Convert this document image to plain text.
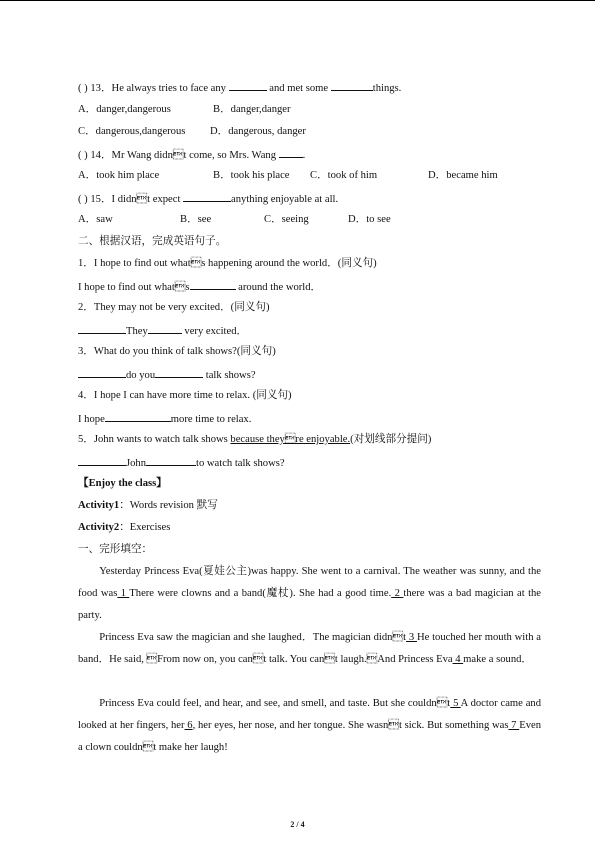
( ) 13．He always tries to face any	and met some	things.
A．danger,dangerous	B．danger,danger
C．dangerous,dangerous D．dangerous, danger
( ) 14．Mr Wang didnt come, so Mrs. Wang .
A．took him place	B．took his place C．took of him	D．became him
( ) 15．I didnt expect	anything enjoyable at all.
A．saw	B．see	C．seeing	D．to see
二、根据汉语，完成英语句子。
1．I hope to find out whats happening around the world．(同义句)
I hope to find out whats	around the world．
2．They may not be very excited．(同义句)
They	very excited．
3．What do you think of talk shows?(同义句)
do you	talk shows?
4．I hope I can have more time to relax. (同义句)
I hope	more time to relax.
5．John wants to watch talk shows because theyre enjoyable.(对划线部分提问)
John	to watch talk shows?
【Enjoy the class】
Activity1：Words revision 默写
Activity2：Exercises
一、完形填空：
Yesterday Princess Eva(夏娃公主)was happy. She went to a carnival. The weather was sunny, and the food was 1 There were clowns and a band(魔杖). She had a good time. 2 there was a bad magician at the party.
Princess Eva saw the magician and she laughed．The magician didnt 3 He touched her mouth with a band．He said, From now on, you cant talk. You cant laugh.And Princess Eva 4 make a sound．
Princess Eva could feel, and hear, and see, and smell, and taste. But she couldnt 5 A doctor came and looked at her fingers, her 6, her eyes, her nose, and her tongue. She wasnt sick. But something was 7 Even a clown couldnt make her laugh!
2 / 4
